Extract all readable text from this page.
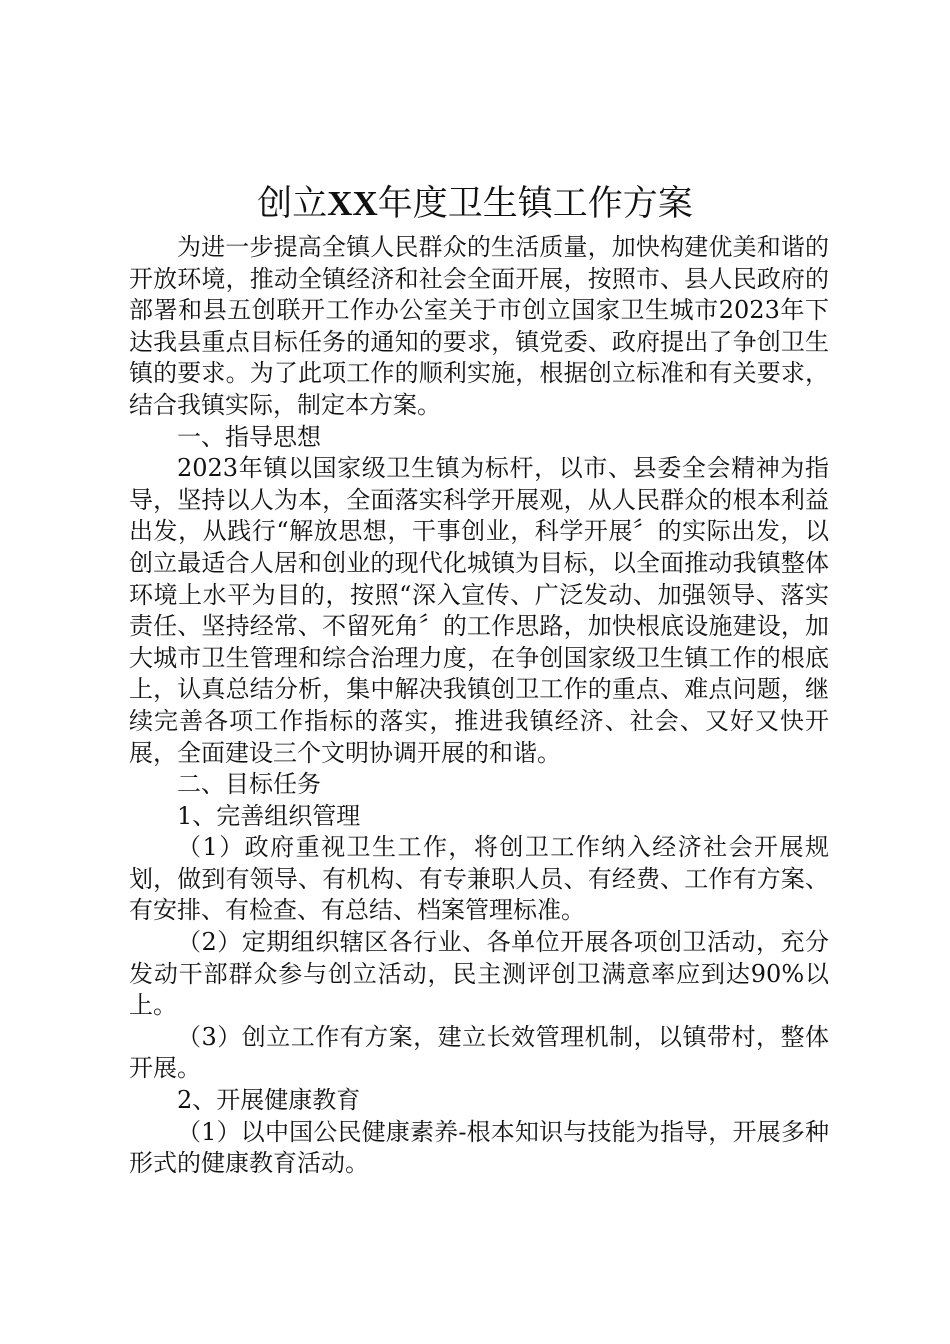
创立XX年度卫生镇工作方案

为进一步提高全镇人民群众的生活质量，加快构建优美和谐的开放环境，推动全镇经济和社会全面开展，按照市、县人民政府的部署和县五创联开工作办公室关于市创立国家卫生城市2023年下达我县重点目标任务的通知的要求，镇党委、政府提出了争创卫生镇的要求。为了此项工作的顺利实施，根据创立标准和有关要求，结合我镇实际，制定本方案。

一、指导思想

2023年镇以国家级卫生镇为标杆，以市、县委全会精神为指导，坚持以人为本，全面落实科学开展观，从人民群众的根本利益出发，从践行“解放思想，干事创业，科学开展〞的实际出发，以创立最适合人居和创业的现代化城镇为目标，以全面推动我镇整体环境上水平为目的，按照“深入宣传、广泛发动、加强领导、落实责任、坚持经常、不留死角〞的工作思路，加快根底设施建设，加大城市卫生管理和综合治理力度，在争创国家级卫生镇工作的根底上，认真总结分析，集中解决我镇创卫工作的重点、难点问题，继续完善各项工作指标的落实，推进我镇经济、社会、又好又快开展，全面建设三个文明协调开展的和谐。

二、目标任务

1、完善组织管理

（1）政府重视卫生工作，将创卫工作纳入经济社会开展规划，做到有领导、有机构、有专兼职人员、有经费、工作有方案、有安排、有检查、有总结、档案管理标准。

（2）定期组织辖区各行业、各单位开展各项创卫活动，充分发动干部群众参与创立活动，民主测评创卫满意率应到达90%以上。

（3）创立工作有方案，建立长效管理机制，以镇带村，整体开展。

2、开展健康教育

（1）以中国公民健康素养-根本知识与技能为指导，开展多种形式的健康教育活动。
